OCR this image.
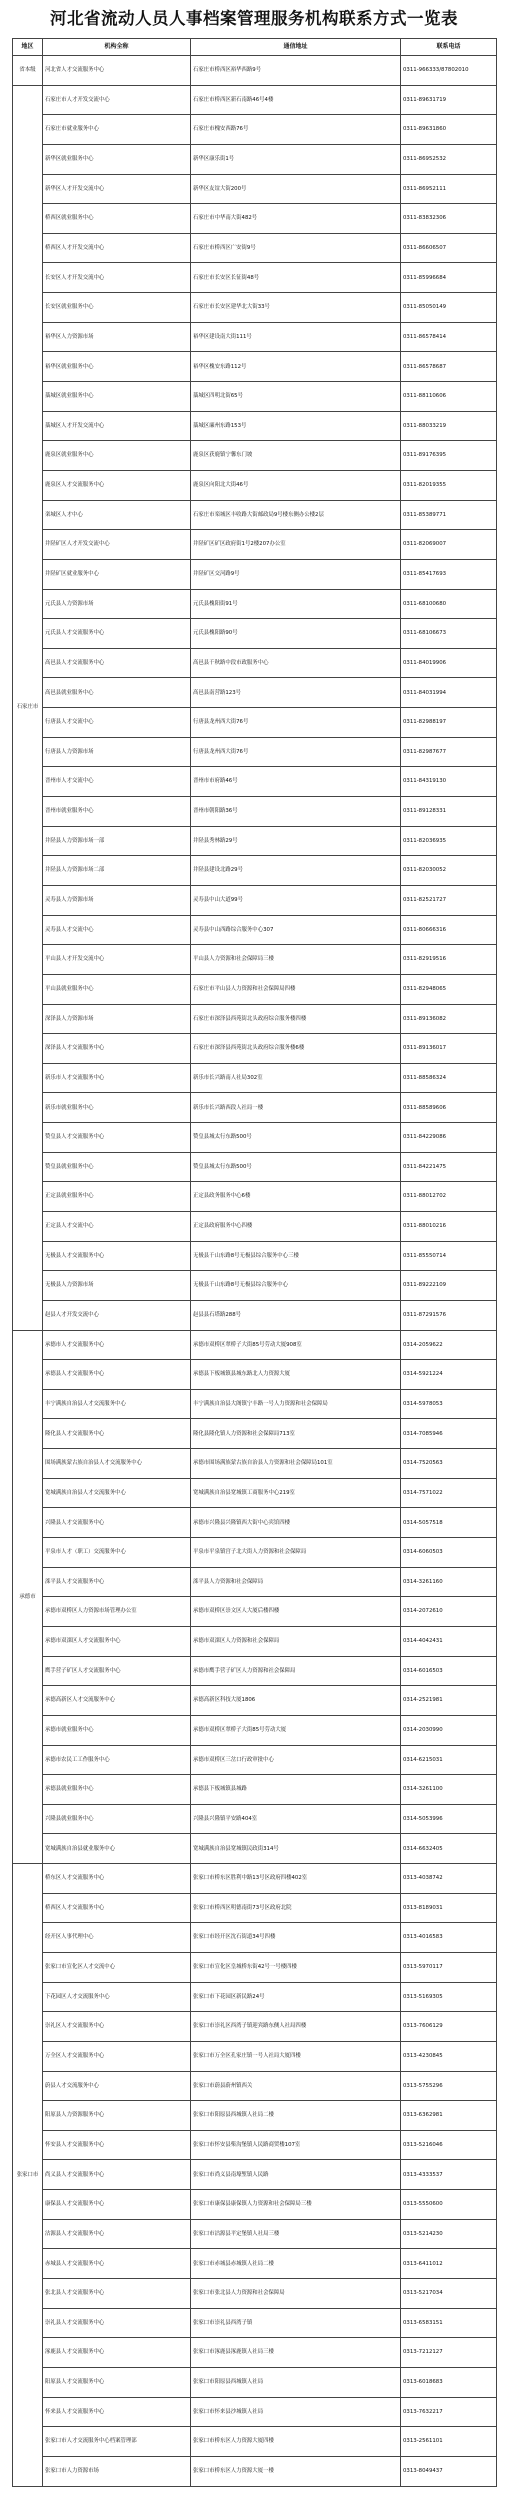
河北省流动人员人事档案管理服务机构联系方式一览表
地区	机构全称	通信地址	联系电话
省本级	河北省人才交流服务中心	石家庄市桥西区裕华西路9号	0311-966333/87802010
石家庄市	石家庄市人才开发交流中心	石家庄市桥西区新石南路46号4楼	0311-89631719
	石家庄市就业服务中心	石家庄市槐安西路76号	0311-89631860
	新华区就业服务中心	新华区康乐街1号	0311-86952532
	新华区人才开发交流中心	新华区友谊大街200号	0311-86952111
	桥西区就业服务中心	石家庄市中华南大街482号	0311-83832306
	桥西区人才开发交流中心	石家庄市桥西区广安街9号	0311-86606507
	长安区人才开发交流中心	石家庄市长安区长征街48号	0311-85996684
	长安区就业服务中心	石家庄市长安区建华北大街33号	0311-85050149
	裕华区人力资源市场	裕华区建设南大街111号	0311-86578414
	裕华区就业服务中心	裕华区槐安东路112号	0311-86578687
	藁城区就业服务中心	藁城区四明北街65号	0311-88110606
	藁城区人才开发交流中心	藁城区廉州东路153号	0311-88033219
	鹿泉区就业服务中心	鹿泉区获鹿镇宁馨东门坡	0311-89176395
	鹿泉区人才交流服务中心	鹿泉区向阳北大街46号	0311-82019355
	栾城区人才中心	石家庄市栾城区丰收路大街邮政局9号楼东侧办公楼2层	0311-85389771
	井陉矿区人才开发交流中心	井陉矿区矿区政府街1号2楼207办公室	0311-82069007
	井陉矿区就业服务中心	井陉矿区交河路9号	0311-85417693
	元氏县人力资源市场	元氏县槐阳街91号	0311-68100680
	元氏县人才交流服务中心	元氏县槐阳路90号	0311-68106673
	高邑县人才交流服务中心	高邑县千秋路中段市政服务中心	0311-84019906
	高邑县就业服务中心	高邑县南营路123号	0311-84031994
	行唐县人才交流中心	行唐县龙州西大街76号	0311-82988197
	行唐县人力资源市场	行唐县龙州西大街76号	0311-82987677
	晋州市人才交流中心	晋州市市府路46号	0311-84319130
	晋州市就业服务中心	晋州市朝阳路36号	0311-89128331
	井陉县人力资源市场一部	井陉县秀林路29号	0311-82036935
	井陉县人力资源市场二部	井陉县建设北路29号	0311-82030052
	灵寿县人力资源市场	灵寿县中山大道99号	0311-82521727
	灵寿县人才交流中心	灵寿县中山西路综合服务中心307	0311-80666316
	平山县人才开发交流中心	平山县人力资源和社会保障局三楼	0311-82919516
	平山县就业服务中心	石家庄市平山县人力资源和社会保障局四楼	0311-82948065
	深泽县人力资源市场	石家庄市深泽县西苑街北头政府综合服务楼四楼	0311-89136082
	深泽县人才交流服务中心	石家庄市深泽县西苑街北头政府综合服务楼6楼	0311-89136017
	新乐市人才交流服务中心	新乐市长兴路南人社局302室	0311-88586324
	新乐市就业服务中心	新乐市长兴路西段人社局一楼	0311-88589606
	赞皇县人才交流服务中心	赞皇县城太行东路500号	0311-84229086
	赞皇县就业服务中心	赞皇县城太行东路500号	0311-84221475
	正定县就业服务中心	正定县政务服务中心6楼	0311-88012702
	正定县人才交流中心	正定县政府服务中心四楼	0311-88010216
	无极县人才交流服务中心	无极县千山东路8号无极县综合服务中心三楼	0311-85550714
	无极县人力资源市场	无极县千山东路8号无极县综合服务中心	0311-89222109
	赵县人才开发交流中心	赵县县石塔路288号	0311-87291576
承德市	承德市人才交流服务中心	承德市双桥区翠桥子大街85号劳动大厦908室	0314-2059622
	承德县人才交流服务中心	承德县下板城镇县城东路北人力资源大厦	0314-5921224
	丰宁满族自治县人才交流服务中心	丰宁满族自治县大阁镇宁丰路一号人力资源和社会保障局	0314-5978053
	隆化县人才交流服务中心	隆化县隆化镇人力资源和社会保障局713室	0314-7085946
	围场满族蒙古族自治县人才交流服务中心	承德市围场满族蒙古族自治县人力资源和社会保障局101室	0314-7520563
	宽城满族自治县人才交流服务中心	宽城满族自治县宽城镇工商服务中心219室	0314-7571022
	兴隆县人才交流服务中心	承德市兴隆县兴隆镇西大街中心宾馆四楼	0314-5057518
	平泉市人才（职工）交流服务中心	平泉市平泉镇宫子北大街人力资源和社会保障局	0314-6060503
	滦平县人才交流服务中心	滦平县人力资源和社会保障局	0314-3261160
	承德市双桥区人力资源市场管理办公室	承德市双桥区崇文区人大厦后楼四楼	0314-2072610
	承德市双滦区人才交流服务中心	承德市双滦区人力资源和社会保障局	0314-4042431
	鹰手营子矿区人才交流服务中心	承德市鹰手营子矿区人力资源和社会保障局	0314-6016503
	承德高新区人才交流服务中心	承德高新区科技大厦1806	0314-2521981
	承德市就业服务中心	承德市双桥区翠桥子大街85号劳动大厦	0314-2030990
	承德市农民工工作服务中心	承德市双桥区三岔口行政审批中心	0314-6215031
	承德县就业服务中心	承德县下板城镇县城路	0314-3261100
	兴隆县就业服务中心	兴隆县兴隆镇平安路404室	0314-5053996
	宽城满族自治县就业服务中心	宽城满族自治县宽城镇民政街314号	0314-6632405
张家口市	桥东区人才交流服务中心	张家口市桥东区胜利中路13号区政府四楼402室	0313-4038742
	桥西区人才交流服务中心	张家口市桥西区明德南街73号区政府北院	0313-8189031
	经开区人事代理中心	张家口市经开区沈石街道34号四楼	0313-4016583
	张家口市宣化区人才交流中心	张家口市宣化区皇城桥东街42号一号楼四楼	0313-5970117
	下花园区人才交流服务中心	张家口市下花园区新民路24号	0313-5169305
	崇礼区人才交流服务中心	张家口市崇礼区西湾子镇迎宾路东侧人社局四楼	0313-7606129
	万全区人才交流服务中心	张家口市万全区孔家庄镇一号人社局大厦四楼	0313-4230845
	蔚县人才交流服务中心	张家口市蔚县蔚州镇西关	0313-5755296
	阳原县人力资源服务中心	张家口市阳原县西城镇人社局二楼	0313-6362981
	怀安县人才交流服务中心	张家口市怀安县柴沟堡镇人民路商贸楼107室	0313-5216046
	尚义县人才交流服务中心	张家口市尚义县南壕堑镇人民路	0313-4333537
	康保县人才交流服务中心	张家口市康保县康保镇人力资源和社会保障局三楼	0313-5550600
	沽源县人才交流服务中心	张家口市沽源县平定堡镇人社局三楼	0313-5214230
	赤城县人才交流服务中心	张家口市赤城县赤城镇人社局二楼	0313-6411012
	张北县人才交流服务中心	张家口市张北县人力资源和社会保障局	0313-5217034
	崇礼县人才交流服务中心	张家口市崇礼县西湾子镇	0313-6583151
	涿鹿县人才交流服务中心	张家口市涿鹿县涿鹿镇人社局三楼	0313-7212127
	阳原县人才交流服务中心	张家口市阳原县西城镇人社局	0313-6018683
	怀来县人才交流服务中心	张家口市怀来县沙城镇人社局	0313-7632217
	张家口市人才交流服务中心档案管理部	张家口市桥东区人力资源大厦四楼	0313-2561101
	张家口市人力资源市场	张家口市桥东区人力资源大厦一楼	0313-8049437
